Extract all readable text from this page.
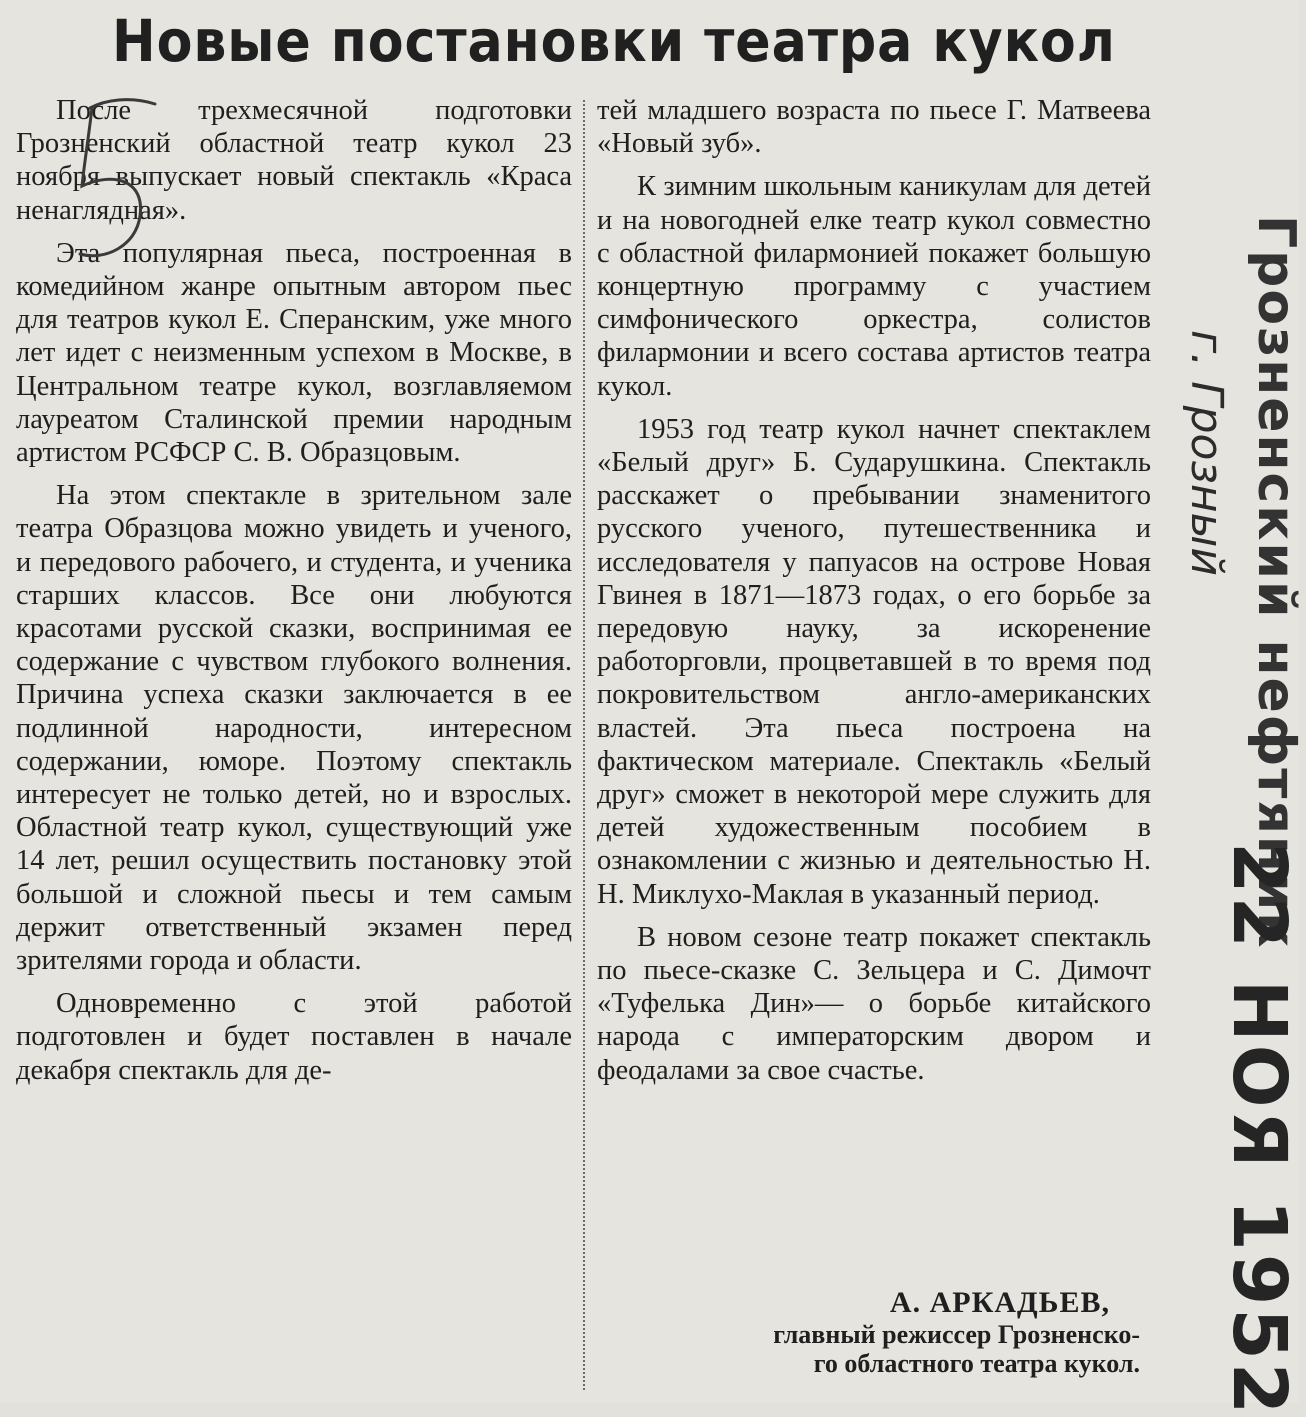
Новые постановки театра кукол

После трехмесячной подготовки Грозненский областной театр кукол 23 ноября выпускает новый спектакль «Краса ненаглядная».

Эта популярная пьеса, построенная в комедийном жанре опытным автором пьес для театров кукол Е. Сперанским, уже много лет идет с неизменным успехом в Москве, в Центральном театре кукол, возглавляемом лауреатом Сталинской премии народным артистом РСФСР С. В. Образцовым.

На этом спектакле в зрительном зале театра Образцова можно увидеть и ученого, и передового рабочего, и студента, и ученика старших классов. Все они любуются красотами русской сказки, воспринимая ее содержание с чувством глубокого волнения. Причина успеха сказки заключается в ее подлинной народности, интересном содержании, юморе. Поэтому спектакль интересует не только детей, но и взрослых. Областной театр кукол, существующий уже 14 лет, решил осуществить постановку этой большой и сложной пьесы и тем самым держит ответственный экзамен перед зрителями города и области.

Одновременно с этой работой подготовлен и будет поставлен в начале декабря спектакль для де-

тей младшего возраста по пьесе Г. Матвеева «Новый зуб».

К зимним школьным каникулам для детей и на новогодней елке театр кукол совместно с областной филармонией покажет большую концертную программу с участием симфонического оркестра, солистов филармонии и всего состава артистов театра кукол.

1953 год театр кукол начнет спектаклем «Белый друг» Б. Сударушкина. Спектакль расскажет о пребывании знаменитого русского ученого, путешественника и исследователя у папуасов на острове Новая Гвинея в 1871—1873 годах, о его борьбе за передовую науку, за искоренение работорговли, процветавшей в то время под покровительством англо-американских властей. Эта пьеса построена на фактическом материале. Спектакль «Белый друг» сможет в некоторой мере служить для детей художественным пособием в ознакомлении с жизнью и деятельностью Н. Н. Миклухо-Маклая в указанный период.

В новом сезоне театр покажет спектакль по пьесе-сказке С. Зельцера и С. Димочт «Туфелька Дин»— о борьбе китайского народа с императорским двором и феодалами за свое счастье.

А. АРКАДЬЕВ,
главный режиссер Грозненско-
го областного театра кукол.
Грозненский нефтяник
г. Грозный
22 НОЯ 1952
